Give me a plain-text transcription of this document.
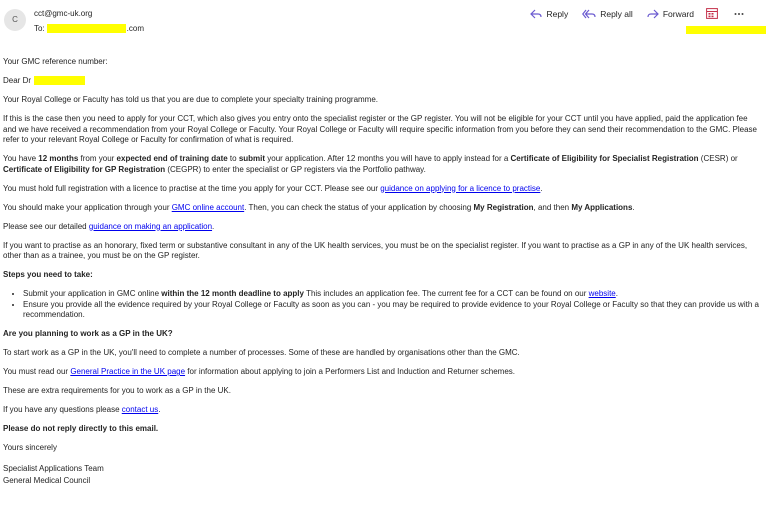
C
cct@gmc-uk.org
To:	.com
Reply	Reply all	Forward

Your GMC reference number:

Dear Dr

Your Royal College or Faculty has told us that you are due to complete your specialty training programme.

If this is the case then you need to apply for your CCT, which also gives you entry onto the specialist register or the GP register. You will not be eligible for your CCT until you have applied, paid the application fee and we have received a recommendation from your Royal College or Faculty. Your Royal College or Faculty will require specific information from you before they can send their recommendation to the GMC. Please refer to your relevant Royal College or Faculty for confirmation of what is required.

You have 12 months from your expected end of training date to submit your application. After 12 months you will have to apply instead for a Certificate of Eligibility for Specialist Registration (CESR) or Certificate of Eligibility for GP Registration (CEGPR) to enter the specialist or GP registers via the Portfolio pathway.

You must hold full registration with a licence to practise at the time you apply for your CCT. Please see our guidance on applying for a licence to practise.

You should make your application through your GMC online account. Then, you can check the status of your application by choosing My Registration, and then My Applications.

Please see our detailed guidance on making an application.

If you want to practise as an honorary, fixed term or substantive consultant in any of the UK health services, you must be on the specialist register. If you want to practise as a GP in any of the UK health services, other than as a trainee, you must be on the GP register.

Steps you need to take:

• Submit your application in GMC online within the 12 month deadline to apply This includes an application fee. The current fee for a CCT can be found on our website.
• Ensure you provide all the evidence required by your Royal College or Faculty as soon as you can - you may be required to provide evidence to your Royal College or Faculty so that they can provide us with a recommendation.

Are you planning to work as a GP in the UK?

To start work as a GP in the UK, you'll need to complete a number of processes. Some of these are handled by organisations other than the GMC.

You must read our General Practice in the UK page for information about applying to join a Performers List and Induction and Returner schemes.

These are extra requirements for you to work as a GP in the UK.

If you have any questions please contact us.

Please do not reply directly to this email.

Yours sincerely

Specialist Applications Team

General Medical Council
